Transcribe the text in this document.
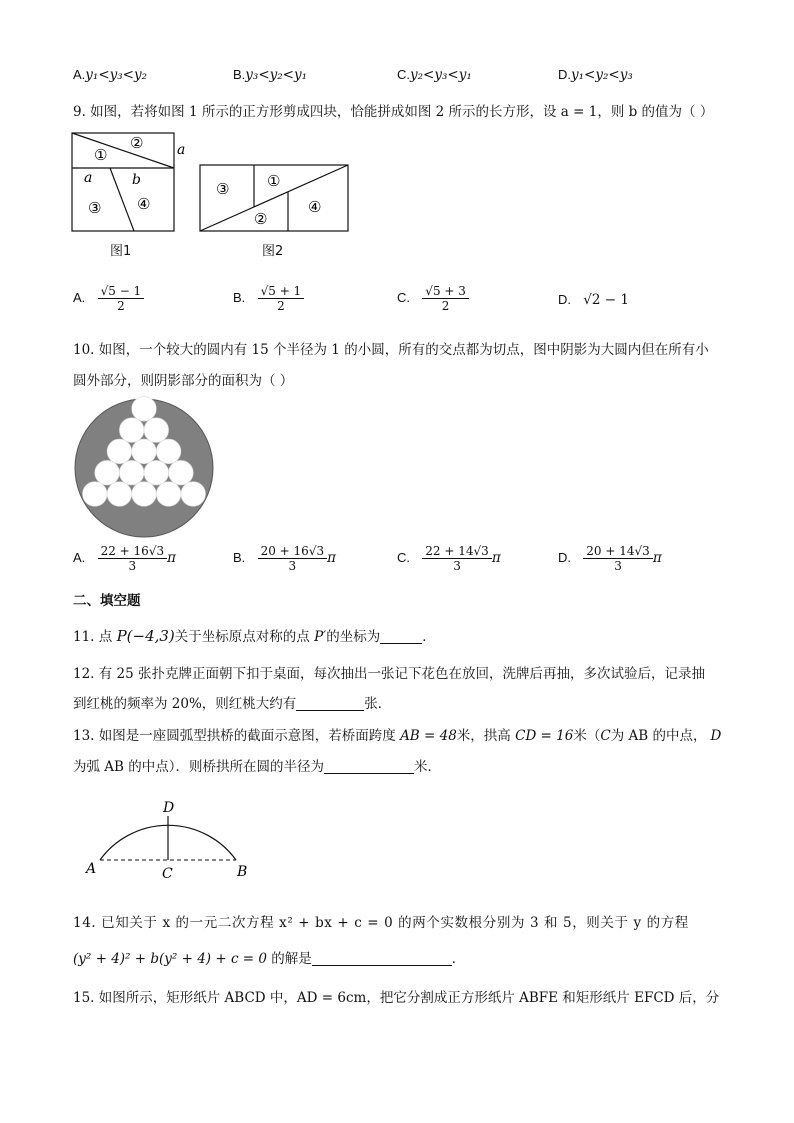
A.y₁<y₃<y₂	B.y₃<y₂<y₁	C.y₂<y₃<y₁	D.y₁<y₂<y₃
9. 如图，若将如图 1 所示的正方形剪成四块，恰能拼成如图 2 所示的长方形，设 a = 1，则 b 的值为（ ）
①
② a
a	b
③ ④
③	①
②
④
图1	图2
A. $\frac{√5 - 1}{2}$	B. $\frac{√5 + 1}{2}$	C. $\frac{√5 + 3}{2}$	D. √2 − 1
10. 如图，一个较大的圆内有 15 个半径为 1 的小圆，所有的交点都为切点，图中阴影为大圆内但在所有小
圆外部分，则阴影部分的面积为（ ）
A. $\frac{22 + 16√3}{3}$ π	B. $\frac{20 + 16√3}{3}$ π	C. $\frac{22 + 14√3}{3}$ π	D. $\frac{20 + 14√3}{3}$ π
二、填空题
11. 点 P(−4,3)关于坐标原点对称的点 P′的坐标为	．
12. 有 25 张扑克牌正面朝下扣于桌面，每次抽出一张记下花色在放回，洗牌后再抽，多次试验后，记录抽
到红桃的频率为 20%，则红桃大约有	张．
13. 如图是一座圆弧型拱桥的截面示意图，若桥面跨度 AB = 48米，拱高 CD = 16米（C为 AB 的中点， D
为弧 AB 的中点）．则桥拱所在圆的半径为	米．
D
A	C	B
14. 已知关于 x 的一元二次方程 x² + bx + c = 0 的两个实数根分别为 3 和 5，则关于 y 的方程
(y² + 4)² + b(y² + 4) + c = 0 的解是	．
15. 如图所示，矩形纸片 ABCD 中，AD = 6cm，把它分割成正方形纸片 ABFE 和矩形纸片 EFCD 后，分
